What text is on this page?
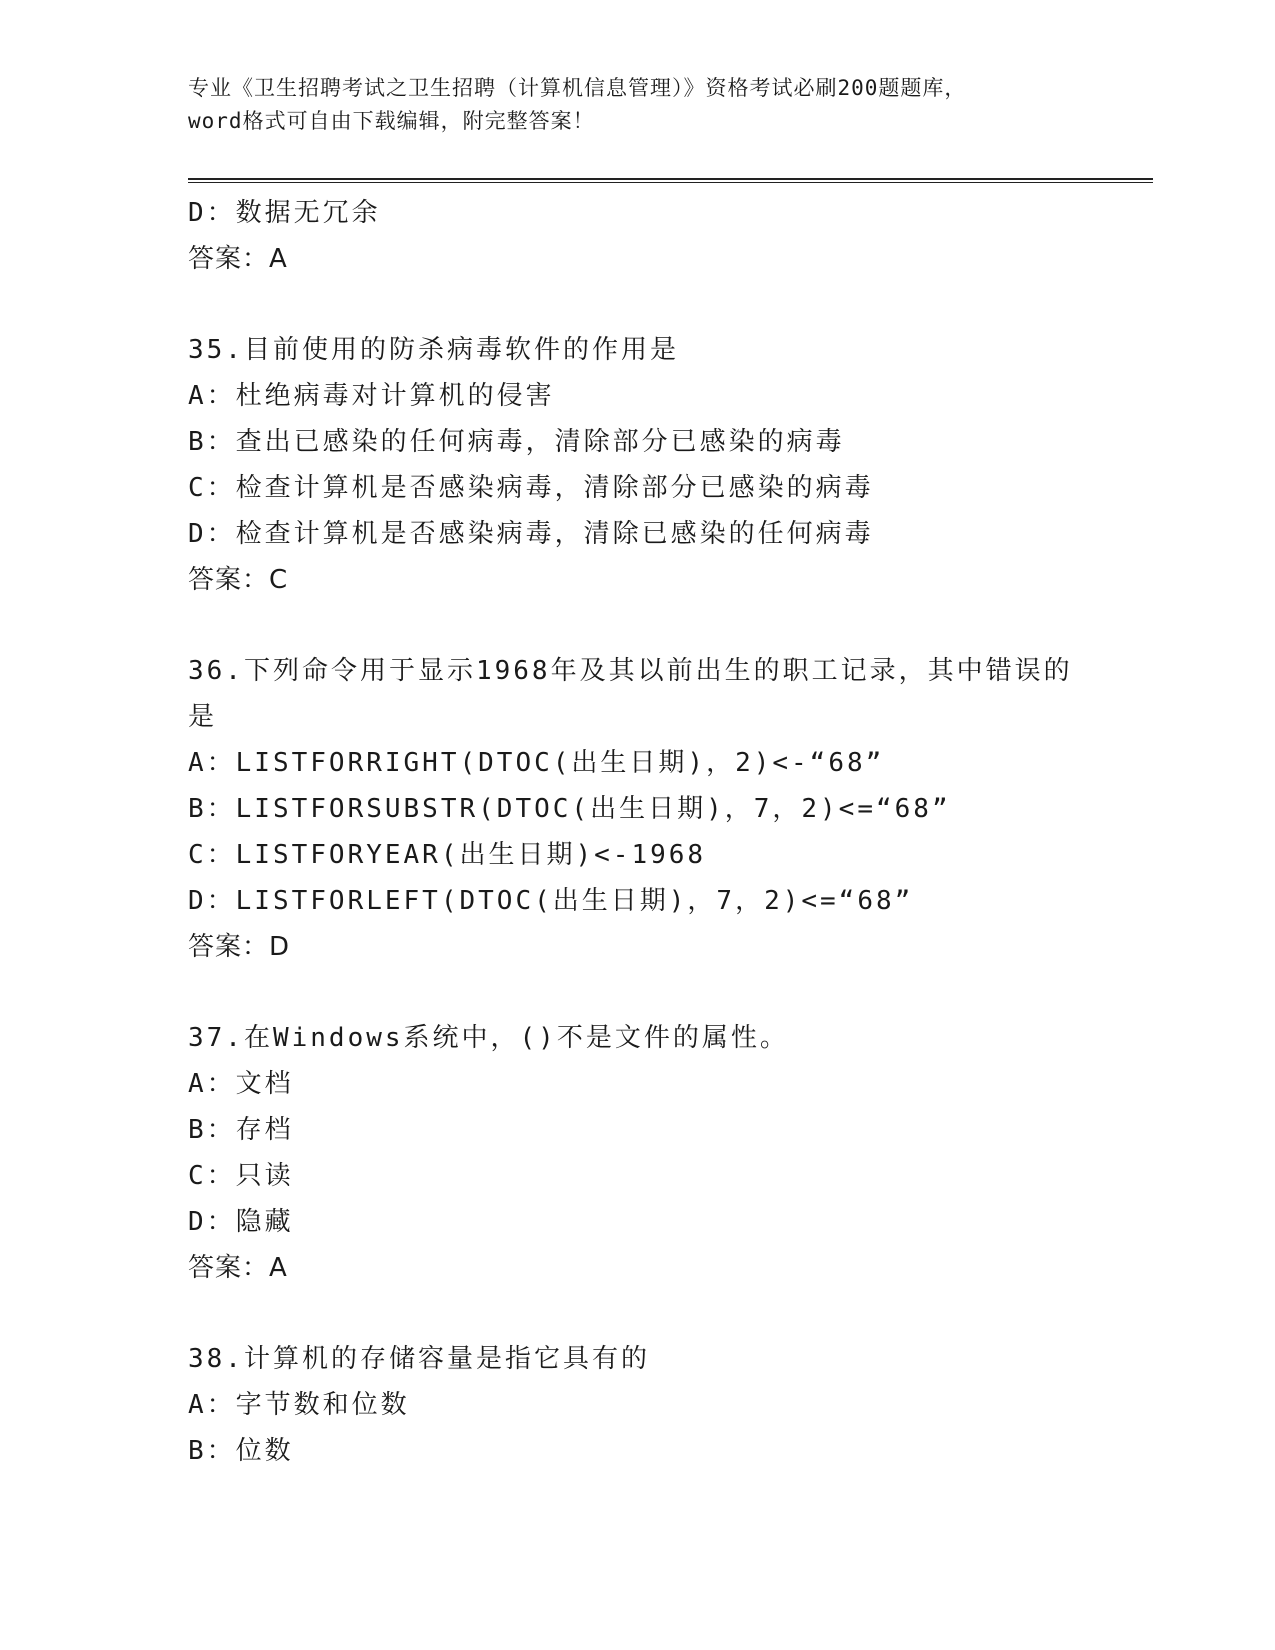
专业《卫生招聘考试之卫生招聘（计算机信息管理）》资格考试必刷200题题库，
word格式可自由下载编辑，附完整答案！
D：数据无冗余
答案：A
35.目前使用的防杀病毒软件的作用是
A：杜绝病毒对计算机的侵害
B：查出已感染的任何病毒，清除部分已感染的病毒
C：检查计算机是否感染病毒，清除部分已感染的病毒
D：检查计算机是否感染病毒，清除已感染的任何病毒
答案：C
36.下列命令用于显示1968年及其以前出生的职工记录，其中错误的
是
A：LISTFORRIGHT(DTOC(出生日期)，2)<-“68”
B：LISTFORSUBSTR(DTOC(出生日期)，7，2)<=“68”
C：LISTFORYEAR(出生日期)<-1968
D：LISTFORLEFT(DTOC(出生日期)，7，2)<=“68”
答案：D
37.在Windows系统中，()不是文件的属性。
A：文档
B：存档
C：只读
D：隐藏
答案：A
38.计算机的存储容量是指它具有的
A：字节数和位数
B：位数
